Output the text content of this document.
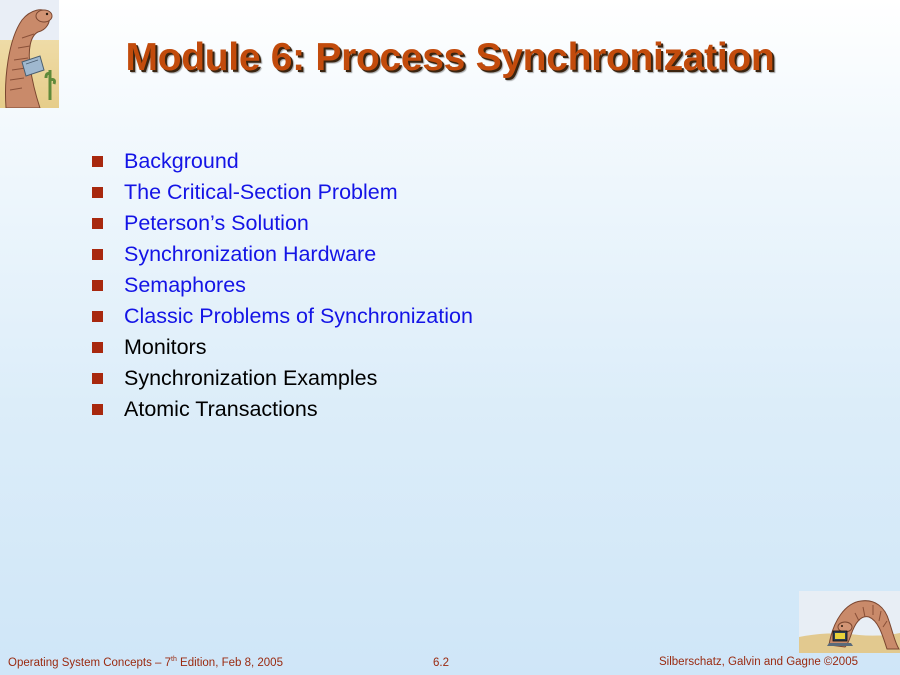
Module 6: Process Synchronization
Background
The Critical-Section Problem
Peterson’s Solution
Synchronization Hardware
Semaphores
Classic Problems of Synchronization
Monitors
Synchronization Examples
Atomic Transactions
Operating System Concepts – 7th Edition, Feb 8, 2005	6.2	Silberschatz, Galvin and Gagne ©2005
